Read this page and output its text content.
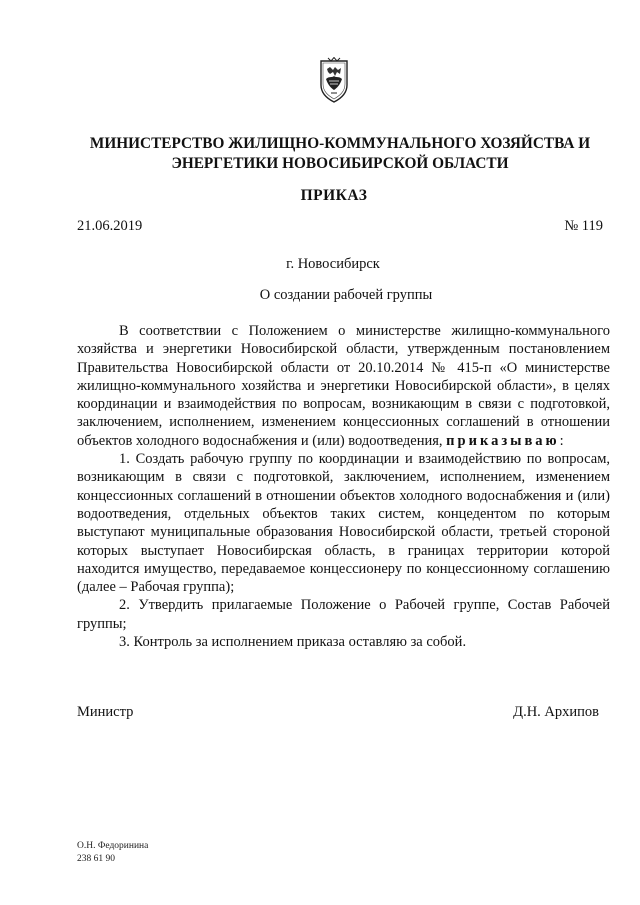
МИНИСТЕРСТВО ЖИЛИЩНО-КОММУНАЛЬНОГО ХОЗЯЙСТВА И
ЭНЕРГЕТИКИ НОВОСИБИРСКОЙ ОБЛАСТИ
ПРИКАЗ
21.06.2019	№ 119
г. Новосибирск
О создании рабочей группы

В соответствии с Положением о министерстве жилищно-коммунального хозяйства и энергетики Новосибирской области, утвержденным постановлением Правительства Новосибирской области от 20.10.2014 № 415-п «О министерстве жилищно-коммунального хозяйства и энергетики Новосибирской области», в целях координации и взаимодействия по вопросам, возникающим в связи с подготовкой, заключением, исполнением, изменением концессионных соглашений в отношении объектов холодного водоснабжения и (или) водоотведения, приказываю:

1. Создать рабочую группу по координации и взаимодействию по вопросам, возникающим в связи с подготовкой, заключением, исполнением, изменением концессионных соглашений в отношении объектов холодного водоснабжения и (или) водоотведения, отдельных объектов таких систем, концедентом по которым выступают муниципальные образования Новосибирской области, третьей стороной которых выступает Новосибирская область, в границах территории которой находится имущество, передаваемое концессионеру по концессионному соглашению (далее – Рабочая группа);

2. Утвердить прилагаемые Положение о Рабочей группе, Состав Рабочей группы;

3. Контроль за исполнением приказа оставляю за собой.

Министр	Д.Н. Архипов
О.Н. Федоринина
238 61 90
